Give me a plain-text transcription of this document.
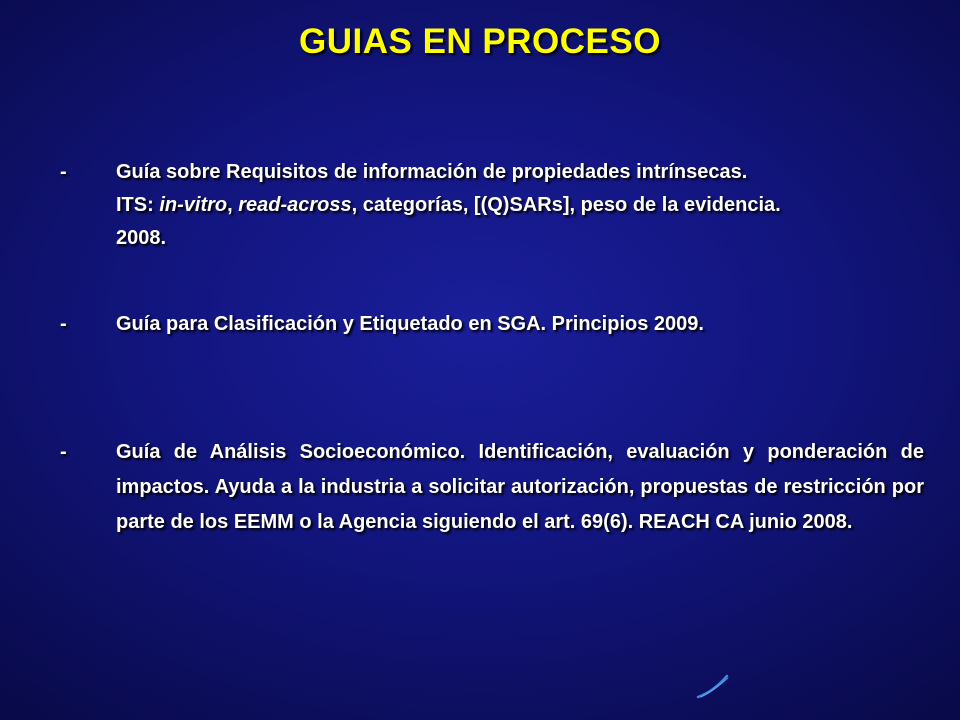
GUIAS EN PROCESO
-	Guía sobre Requisitos de información de propiedades intrínsecas.
ITS: in-vitro, read-across, categorías, [(Q)SARs], peso de la evidencia.
2008.
-	Guía para Clasificación y Etiquetado en SGA. Principios 2009.
-	Guía de Análisis Socioeconómico. Identificación, evaluación y ponderación de impactos. Ayuda a la industria a solicitar autorización, propuestas de restricción por parte de los EEMM o la Agencia siguiendo el art. 69(6). REACH CA junio 2008.
